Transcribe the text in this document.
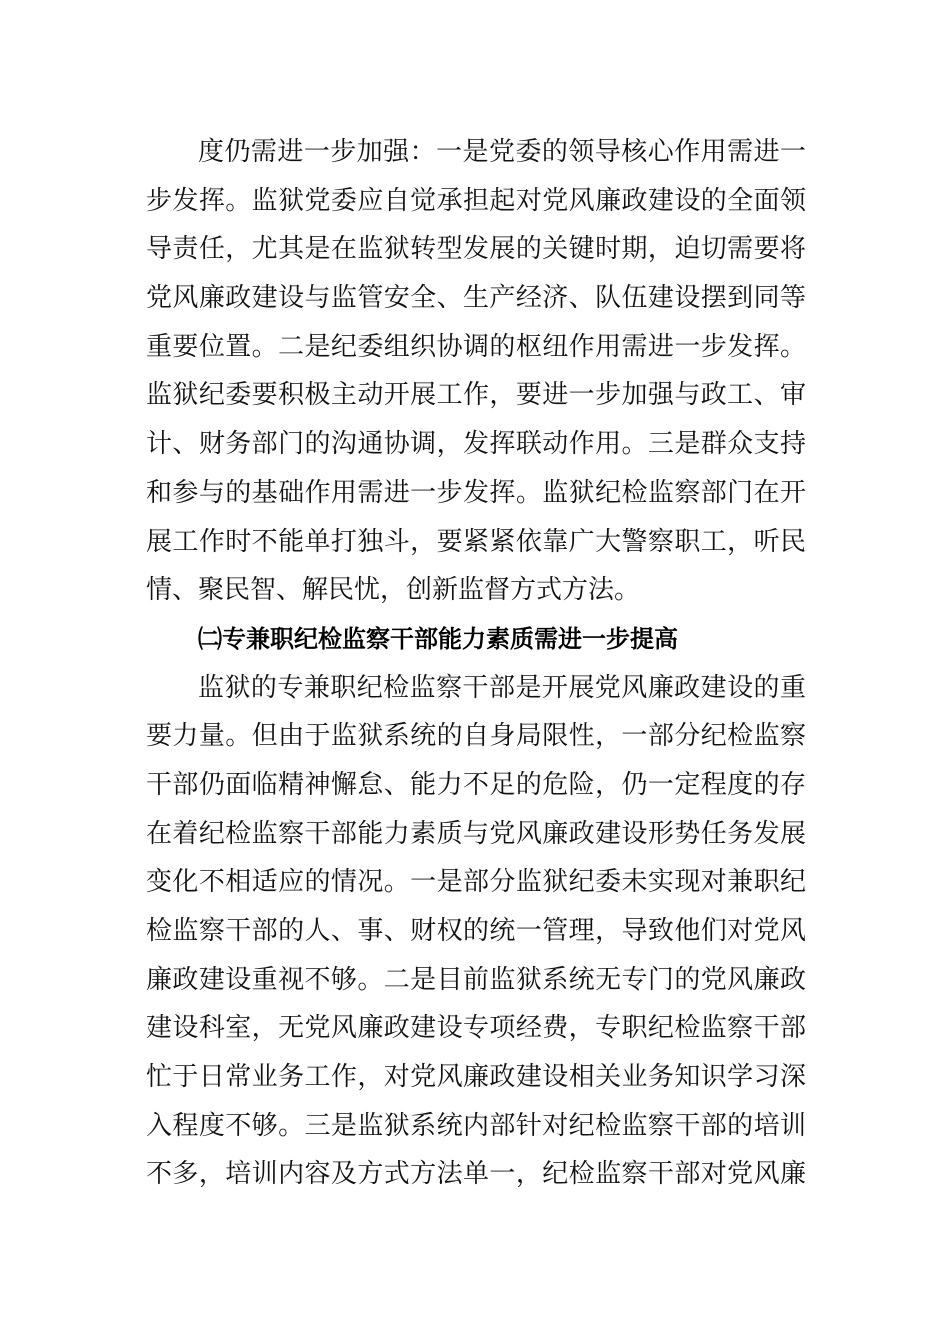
度仍需进一步加强：一是党委的领导核心作用需进一
步发挥。监狱党委应自觉承担起对党风廉政建设的全面领
导责任，尤其是在监狱转型发展的关键时期，迫切需要将
党风廉政建设与监管安全、生产经济、队伍建设摆到同等
重要位置。二是纪委组织协调的枢纽作用需进一步发挥。
监狱纪委要积极主动开展工作，要进一步加强与政工、审
计、财务部门的沟通协调，发挥联动作用。三是群众支持
和参与的基础作用需进一步发挥。监狱纪检监察部门在开
展工作时不能单打独斗，要紧紧依靠广大警察职工，听民
情、聚民智、解民忧，创新监督方式方法。
㈡专兼职纪检监察干部能力素质需进一步提高
监狱的专兼职纪检监察干部是开展党风廉政建设的重
要力量。但由于监狱系统的自身局限性，一部分纪检监察
干部仍面临精神懈怠、能力不足的危险，仍一定程度的存
在着纪检监察干部能力素质与党风廉政建设形势任务发展
变化不相适应的情况。一是部分监狱纪委未实现对兼职纪
检监察干部的人、事、财权的统一管理，导致他们对党风
廉政建设重视不够。二是目前监狱系统无专门的党风廉政
建设科室，无党风廉政建设专项经费，专职纪检监察干部
忙于日常业务工作，对党风廉政建设相关业务知识学习深
入程度不够。三是监狱系统内部针对纪检监察干部的培训
不多，培训内容及方式方法单一，纪检监察干部对党风廉
